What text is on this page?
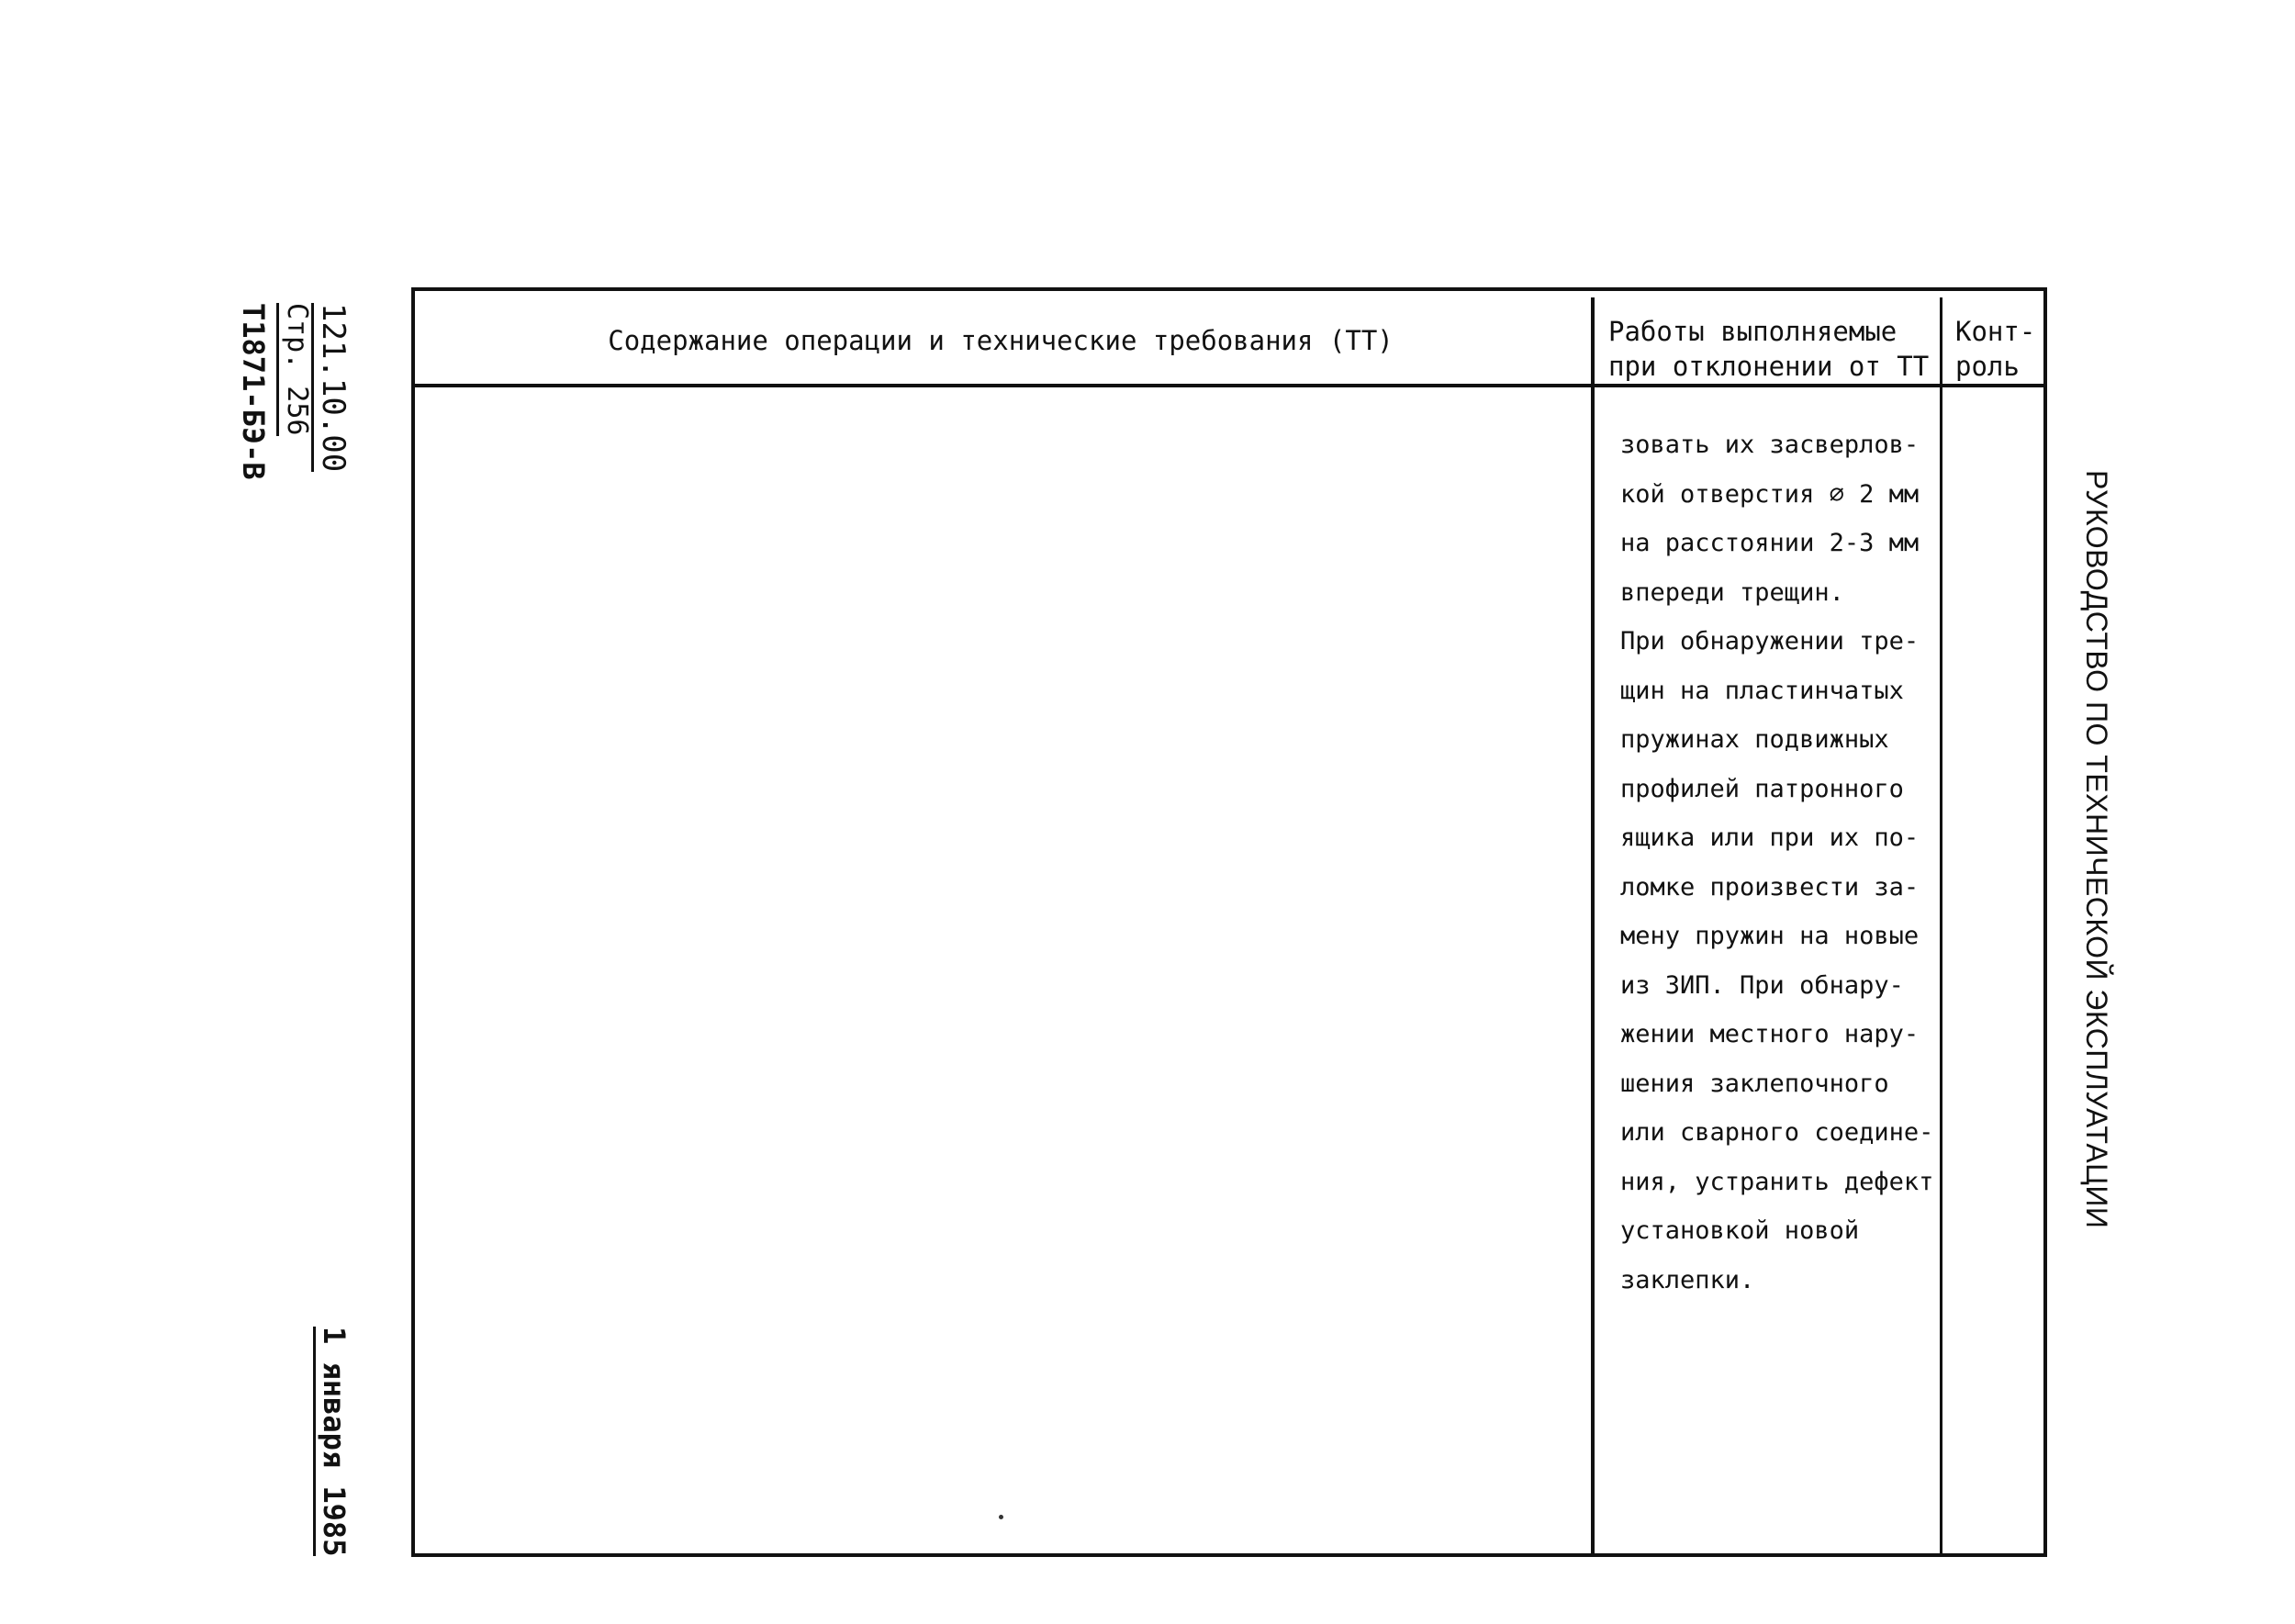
121.10.00
Стр. 256
T1871-БЭ-В
1 января 1985
РУКОВОДСТВО ПО ТЕХНИЧЕСКОЙ ЭКСПЛУАТАЦИИ
Содержание операции и технические требования (ТТ)	Работы выполняемые
при отклонении от ТТ
Конт-
роль
зовать их засверлов-
кой отверстия ∅ 2 мм
на расстоянии 2-3 мм
впереди трещин.
При обнаружении тре-
щин на пластинчатых
пружинах подвижных
профилей патронного
ящика или при их по-
ломке произвести за-
мену пружин на новые
из ЗИП. При обнару-
жении местного нару-
шения заклепочного
или сварного соедине-
ния, устранить дефект
установкой новой
заклепки.
